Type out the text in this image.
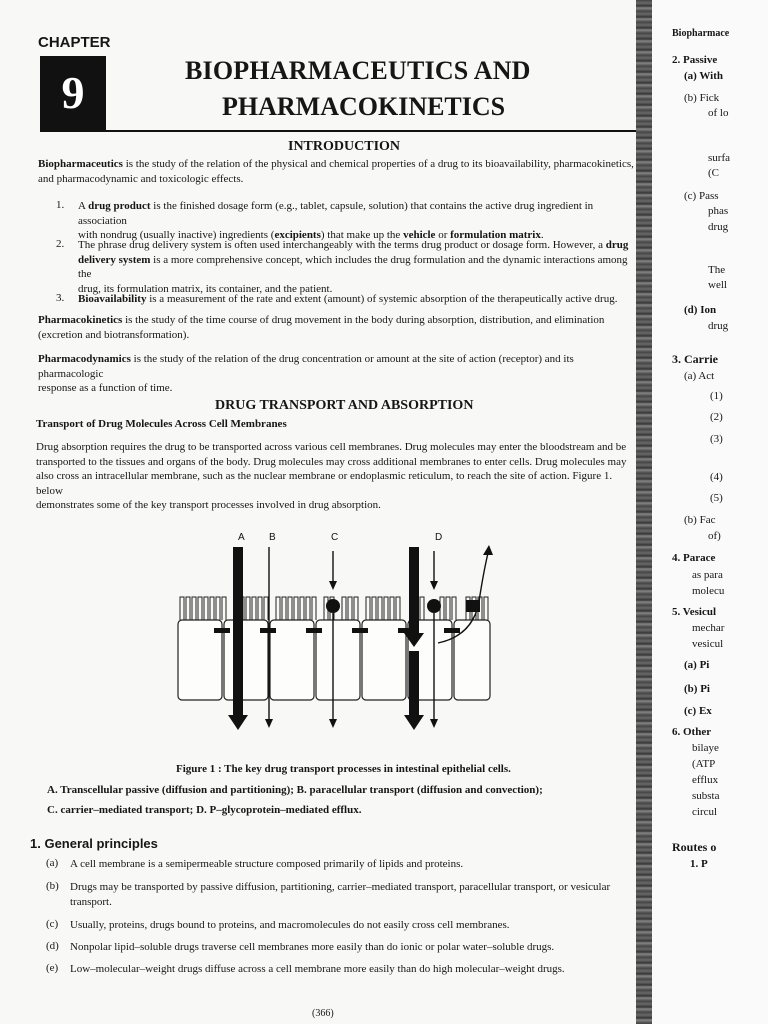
CHAPTER
9	BIOPHARMACEUTICS AND
PHARMACOKINETICS
INTRODUCTION
Biopharmaceutics is the study of the relation of the physical and chemical properties of a drug to its bioavailability, pharmacokinetics,
and pharmacodynamic and toxicologic effects.
1. A drug product is the finished dosage form (e.g., tablet, capsule, solution) that contains the active drug ingredient in association
with nondrug (usually inactive) ingredients (excipients) that make up the vehicle or formulation matrix.
2. The phrase drug delivery system is often used interchangeably with the terms drug product or dosage form. However, a drug
delivery system is a more comprehensive concept, which includes the drug formulation and the dynamic interactions among the
drug, its formulation matrix, its container, and the patient.
3. Bioavailability is a measurement of the rate and extent (amount) of systemic absorption of the therapeutically active drug.
Pharmacokinetics is the study of the time course of drug movement in the body during absorption, distribution, and elimination
(excretion and biotransformation).
Pharmacodynamics is the study of the relation of the drug concentration or amount at the site of action (receptor) and its pharmacologic
response as a function of time.
DRUG TRANSPORT AND ABSORPTION
Transport of Drug Molecules Across Cell Membranes
Drug absorption requires the drug to be transported across various cell membranes. Drug molecules may enter the bloodstream and be
transported to the tissues and organs of the body. Drug molecules may cross additional membranes to enter cells. Drug molecules may
also cross an intracellular membrane, such as the nuclear membrane or endoplasmic reticulum, to reach the site of action. Figure 1. below
demonstrates some of the key transport processes involved in drug absorption.
A B	C	D
Figure 1 : The key drug transport processes in intestinal epithelial cells.
A. Transcellular passive (diffusion and partitioning); B. paracellular transport (diffusion and convection);
C. carrier–mediated transport; D. P–glycoprotein–mediated efflux.
1. General principles
(a) A cell membrane is a semipermeable structure composed primarily of lipids and proteins.
(b) Drugs may be transported by passive diffusion, partitioning, carrier–mediated transport, paracellular transport, or vesicular transport.
(c) Usually, proteins, drugs bound to proteins, and macromolecules do not easily cross cell membranes.
(d) Nonpolar lipid–soluble drugs traverse cell membranes more easily than do ionic or polar water–soluble drugs.
(e) Low–molecular–weight drugs diffuse across a cell membrane more easily than do high molecular–weight drugs.
(366)
Biopharmace
2. Passive
(a) With
(b) Fick
of lo
surfa
(C
(c) Pass
phas
drug
The
well
(d) Ion
drug
3. Carrie
(a) Act
(1)
(2)
(3)
(4)
(5)
(b) Fac
of)
4. Parace
as para
molecu
5. Vesicul
mechar
vesicul
(a) Pi
(b) Pi
(c) Ex
6. Other
bilaye
(ATP
efflux
substa
circul
Routes o
1. P
